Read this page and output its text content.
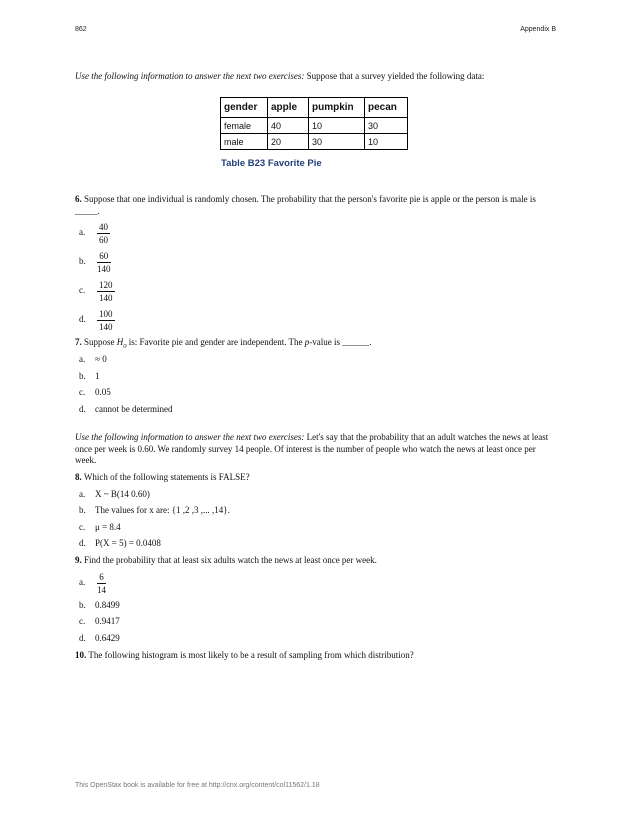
862	Appendix B
Use the following information to answer the next two exercises: Suppose that a survey yielded the following data:
gender	apple	pumpkin	pecan
female	40	10	30
male	20	30	10
Table B23 Favorite Pie
6. Suppose that one individual is randomly chosen. The probability that the person's favorite pie is apple or the person is male is _____.
a.	$\frac{40}{60}$
b.	$\frac{60}{140}$
c.	$\frac{120}{140}$
d.	$\frac{100}{140}$
7. Suppose $H_0$ is: Favorite pie and gender are independent. The p-value is ______.
a. ≈ 0
b. 1
c. 0.05
d. cannot be determined
Use the following information to answer the next two exercises: Let's say that the probability that an adult watches the news at least once per week is 0.60. We randomly survey 14 people. Of interest is the number of people who watch the news at least once per week.
8. Which of the following statements is FALSE?
a. X ~ B(14 0.60)
b. The values for x are: {1 ,2 ,3 ,... ,14}.
c. μ = 8.4
d. P(X = 5) = 0.0408
9. Find the probability that at least six adults watch the news at least once per week.
a.	$\frac{6}{14}$
b. 0.8499
c. 0.9417
d. 0.6429
10. The following histogram is most likely to be a result of sampling from which distribution?
This OpenStax book is available for free at http://cnx.org/content/col11562/1.18
